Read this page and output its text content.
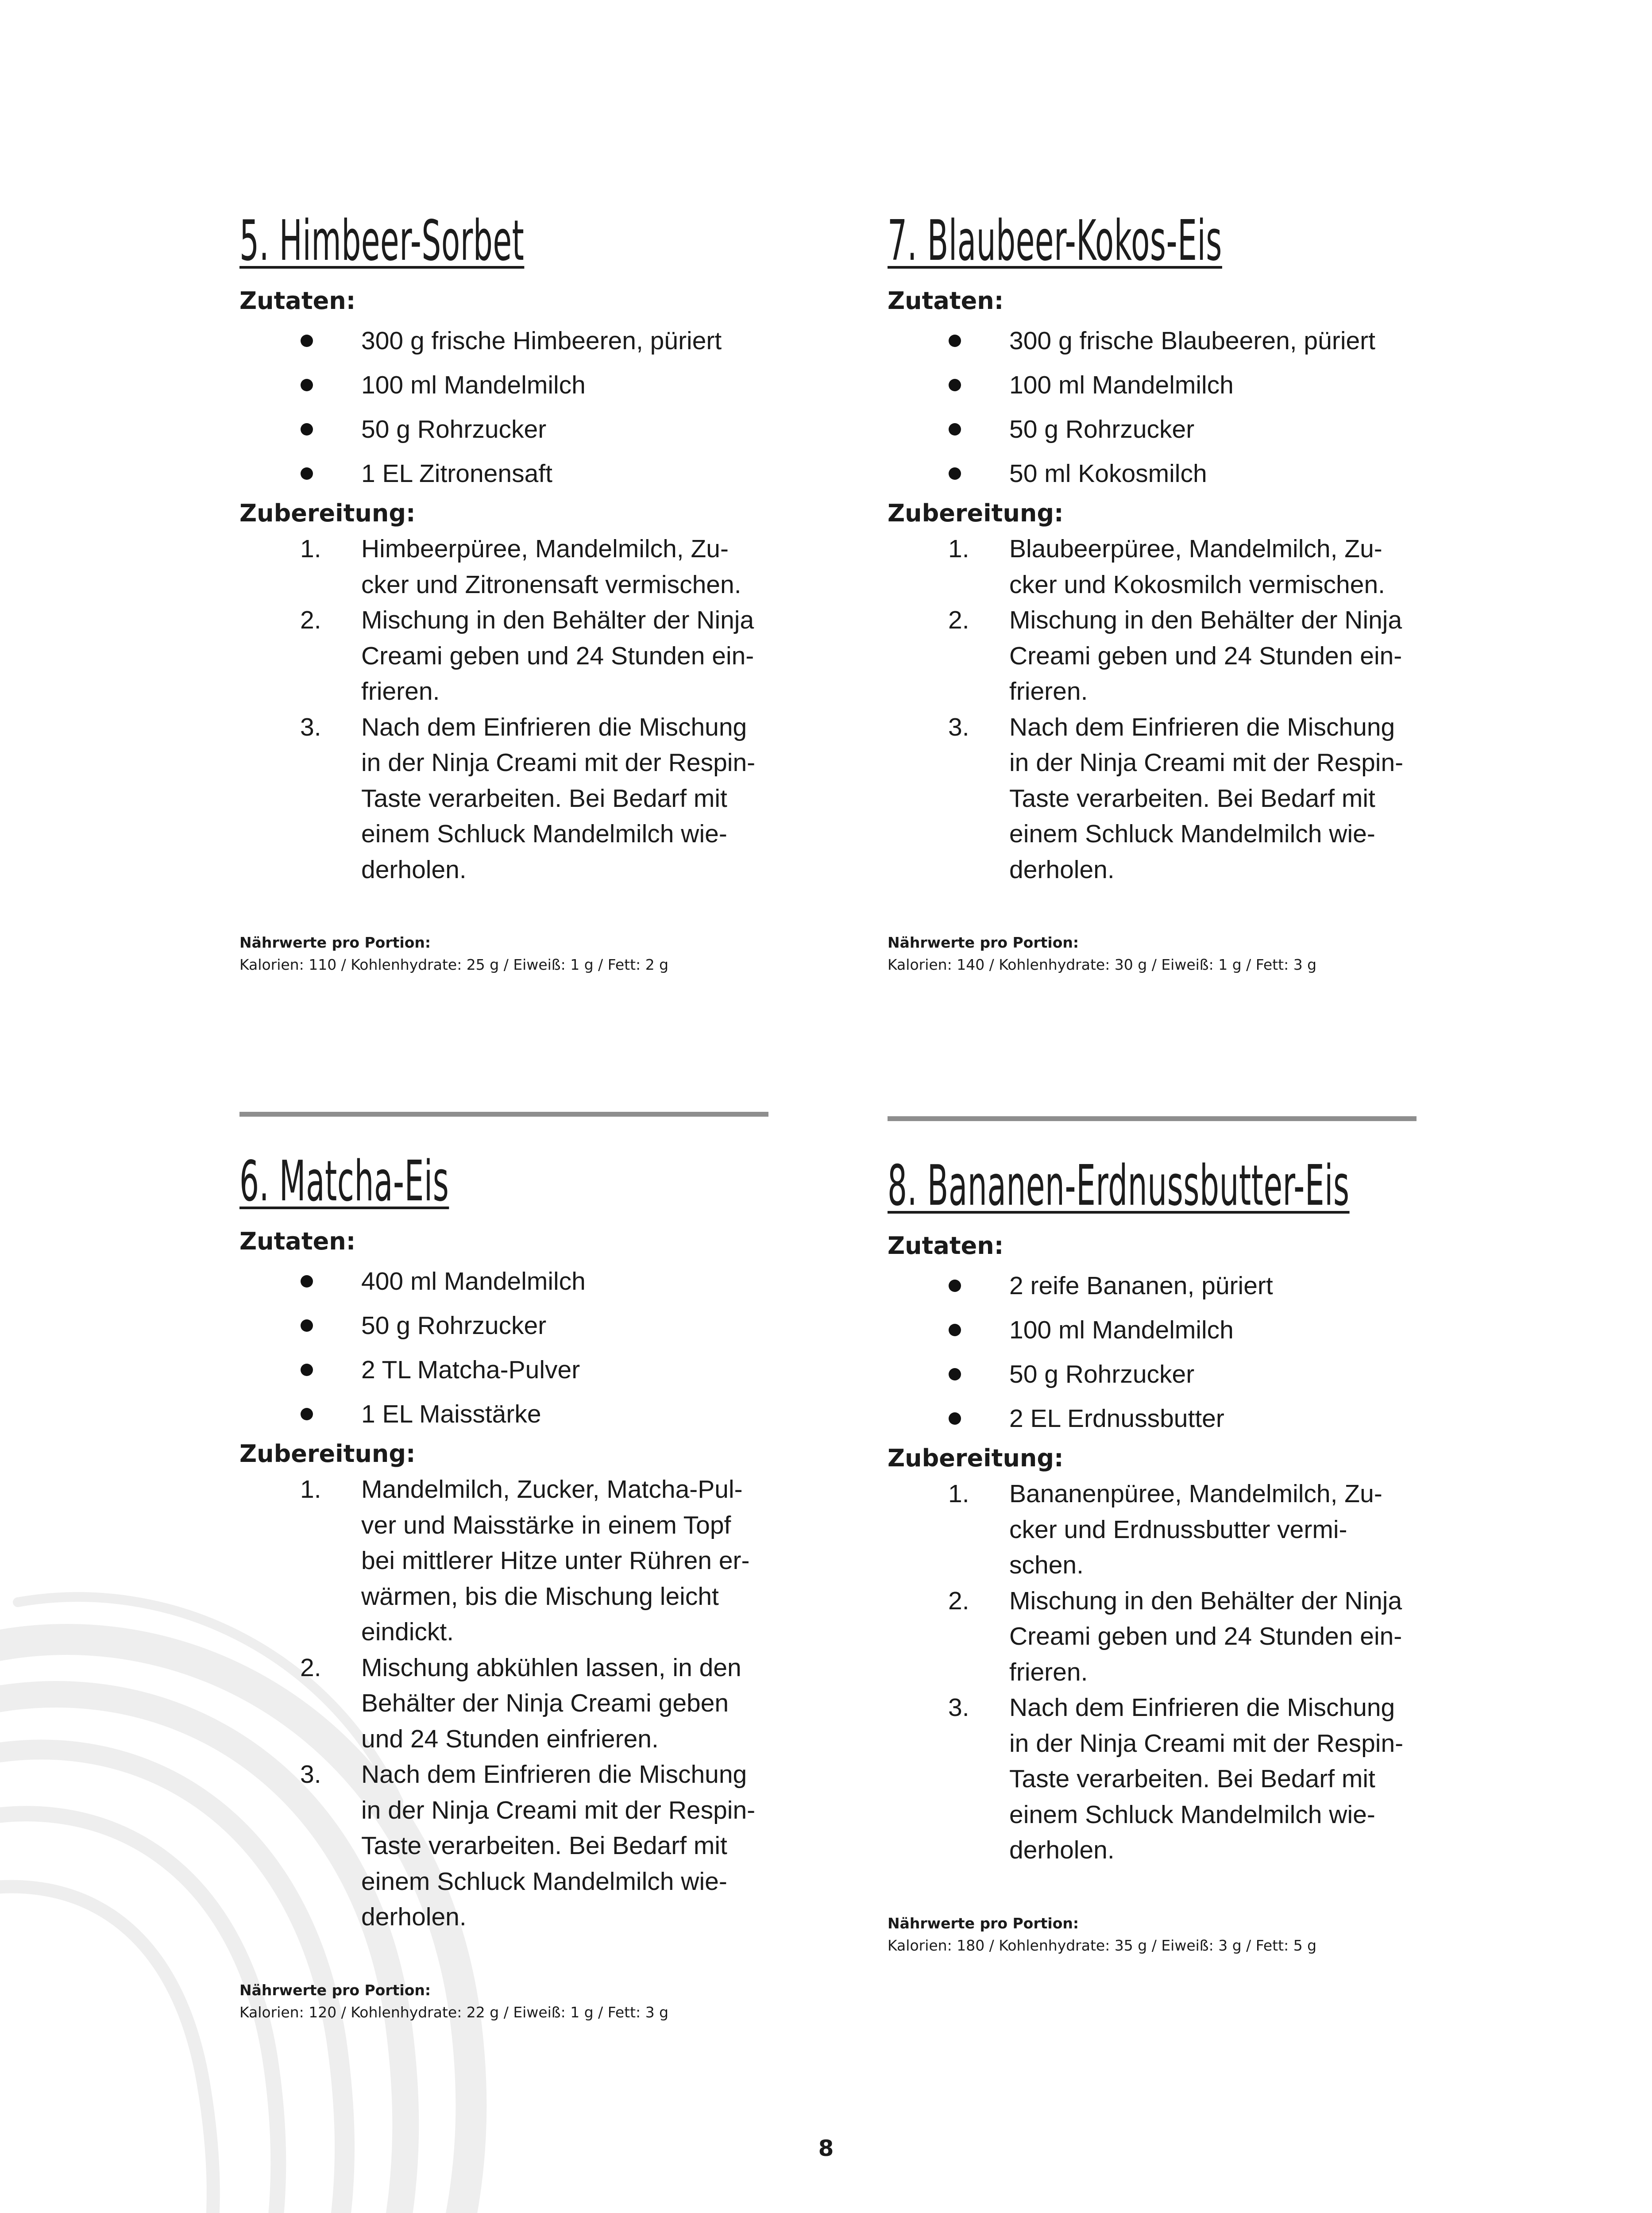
5. Himbeer-Sorbet
Zutaten:
300 g frische Himbeeren, püriert
100 ml Mandelmilch
50 g Rohrzucker
1 EL Zitronensaft
Zubereitung:
1. Himbeerpüree, Mandelmilch, Zu-
cker und Zitronensaft vermischen.
2. Mischung in den Behälter der Ninja
Creami geben und 24 Stunden ein-
frieren.
3. Nach dem Einfrieren die Mischung
in der Ninja Creami mit der Respin-
Taste verarbeiten. Bei Bedarf mit
einem Schluck Mandelmilch wie-
derholen.
Nährwerte pro Portion:
Kalorien: 110 / Kohlenhydrate: 25 g / Eiweiß: 1 g / Fett: 2 g
7. Blaubeer-Kokos-Eis
Zutaten:
300 g frische Blaubeeren, püriert
100 ml Mandelmilch
50 g Rohrzucker
50 ml Kokosmilch
Zubereitung:
1. Blaubeerpüree, Mandelmilch, Zu-
cker und Kokosmilch vermischen.
2. Mischung in den Behälter der Ninja
Creami geben und 24 Stunden ein-
frieren.
3. Nach dem Einfrieren die Mischung
in der Ninja Creami mit der Respin-
Taste verarbeiten. Bei Bedarf mit
einem Schluck Mandelmilch wie-
derholen.
Nährwerte pro Portion:
Kalorien: 140 / Kohlenhydrate: 30 g / Eiweiß: 1 g / Fett: 3 g
6. Matcha-Eis
Zutaten:
400 ml Mandelmilch
50 g Rohrzucker
2 TL Matcha-Pulver
1 EL Maisstärke
Zubereitung:
1. Mandelmilch, Zucker, Matcha-Pul-
ver und Maisstärke in einem Topf
bei mittlerer Hitze unter Rühren er-
wärmen, bis die Mischung leicht
eindickt.
2. Mischung abkühlen lassen, in den
Behälter der Ninja Creami geben
und 24 Stunden einfrieren.
3. Nach dem Einfrieren die Mischung
in der Ninja Creami mit der Respin-
Taste verarbeiten. Bei Bedarf mit
einem Schluck Mandelmilch wie-
derholen.
Nährwerte pro Portion:
Kalorien: 120 / Kohlenhydrate: 22 g / Eiweiß: 1 g / Fett: 3 g
8. Bananen-Erdnussbutter-Eis
Zutaten:
2 reife Bananen, püriert
100 ml Mandelmilch
50 g Rohrzucker
2 EL Erdnussbutter
Zubereitung:
1. Bananenpüree, Mandelmilch, Zu-
cker und Erdnussbutter vermi-
schen.
2. Mischung in den Behälter der Ninja
Creami geben und 24 Stunden ein-
frieren.
3. Nach dem Einfrieren die Mischung
in der Ninja Creami mit der Respin-
Taste verarbeiten. Bei Bedarf mit
einem Schluck Mandelmilch wie-
derholen.
Nährwerte pro Portion:
Kalorien: 180 / Kohlenhydrate: 35 g / Eiweiß: 3 g / Fett: 5 g
8
